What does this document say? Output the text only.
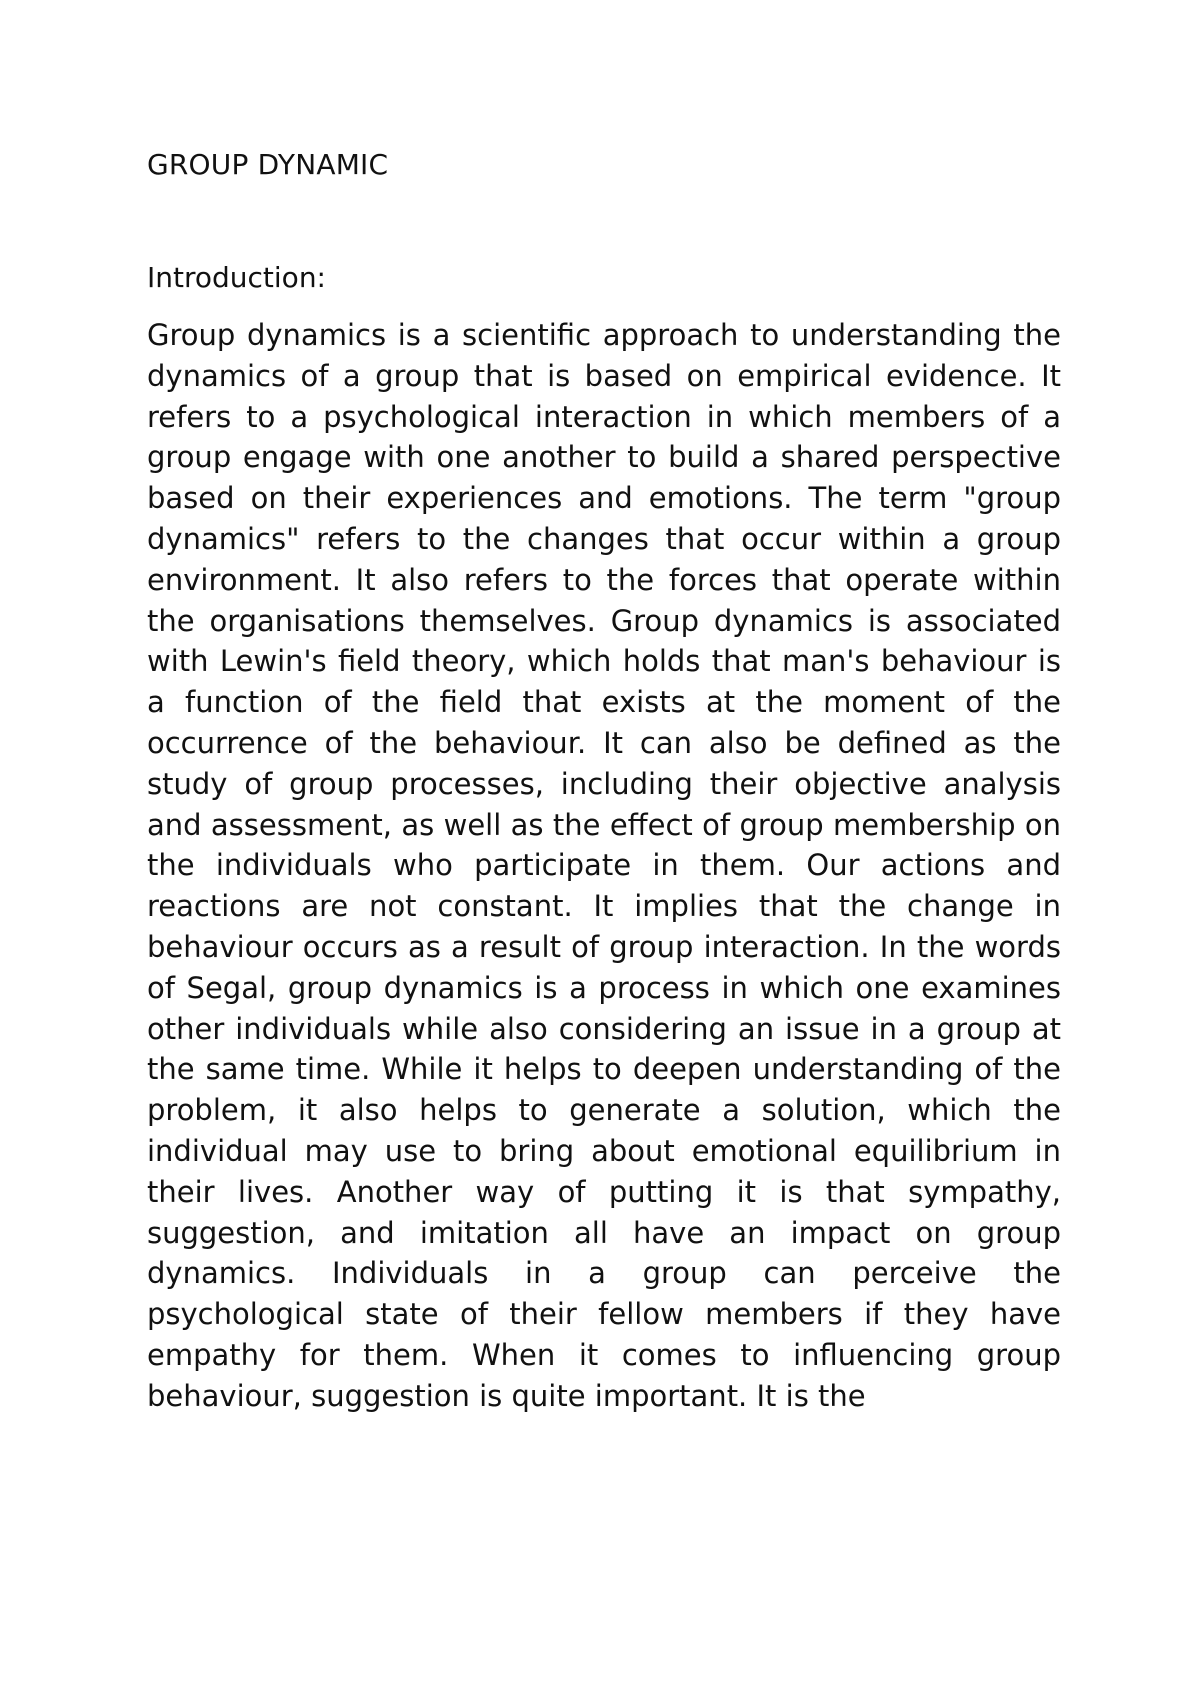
GROUP DYNAMIC
Introduction:

Group dynamics is a scientific approach to understanding the dynamics of a group that is based on empirical evidence. It refers to a psychological interaction in which members of a group engage with one another to build a shared perspective based on their experiences and emotions. The term "group dynamics" refers to the changes that occur within a group environment. It also refers to the forces that operate within the organisations themselves. Group dynamics is associated with Lewin's field theory, which holds that man's behaviour is a function of the field that exists at the moment of the occurrence of the behaviour. It can also be defined as the study of group processes, including their objective analysis and assessment, as well as the effect of group membership on the individuals who participate in them. Our actions and reactions are not constant. It implies that the change in behaviour occurs as a result of group interaction. In the words of Segal, group dynamics is a process in which one examines other individuals while also considering an issue in a group at the same time. While it helps to deepen understanding of the problem, it also helps to generate a solution, which the individual may use to bring about emotional equilibrium in their lives. Another way of putting it is that sympathy, suggestion, and imitation all have an impact on group dynamics. Individuals in a group can perceive the psychological state of their fellow members if they have empathy for them. When it comes to influencing group behaviour, suggestion is quite important. It is the
